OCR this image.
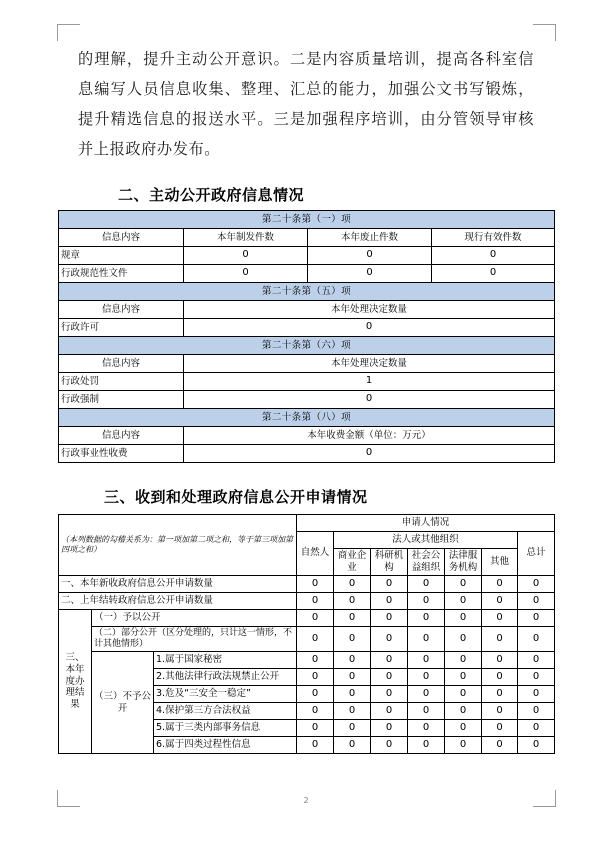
的理解，提升主动公开意识。二是内容质量培训，提高各科室信息编写人员信息收集、整理、汇总的能力，加强公文书写锻炼，提升精选信息的报送水平。三是加强程序培训，由分管领导审核并上报政府办发布。
二、主动公开政府信息情况
第二十条第（一）项			
信息内容	本年制发件数	本年废止件数	现行有效件数
规章	0	0	0
行政规范性文件	0	0	0
第二十条第（五）项			
信息内容	本年处理决定数量		
行政许可	0		
第二十条第（六）项			
信息内容	本年处理决定数量		
行政处罚	1		
行政强制	0		
第二十条第（八）项			
信息内容	本年收费金额（单位：万元）		
行政事业性收费	0		
三、收到和处理政府信息公开申请情况
（本列数据的勾稽关系为：第一项加第二项之和，等于第三项加第四项之和）			申请人情况						
			自然人	法人或其他组织					总计
				商业企业	科研机构	社会公益组织	法律服务机构	其他	
一、本年新收政府信息公开申请数量			0	0	0	0	0	0	0
二、上年结转政府信息公开申请数量			0	0	0	0	0	0	0
三、本年度办理结果	（一）予以公开		0	0	0	0	0	0	0
	（二）部分公开（区分处理的，只计这一情形，不计其他情形）		0	0	0	0	0	0	0
	（三）不予公开	1.属于国家秘密	0	0	0	0	0	0	0
		2.其他法律行政法规禁止公开	0	0	0	0	0	0	0
		3.危及“三安全一稳定”	0	0	0	0	0	0	0
		4.保护第三方合法权益	0	0	0	0	0	0	0
		5.属于三类内部事务信息	0	0	0	0	0	0	0
		6.属于四类过程性信息	0	0	0	0	0	0	0
2
